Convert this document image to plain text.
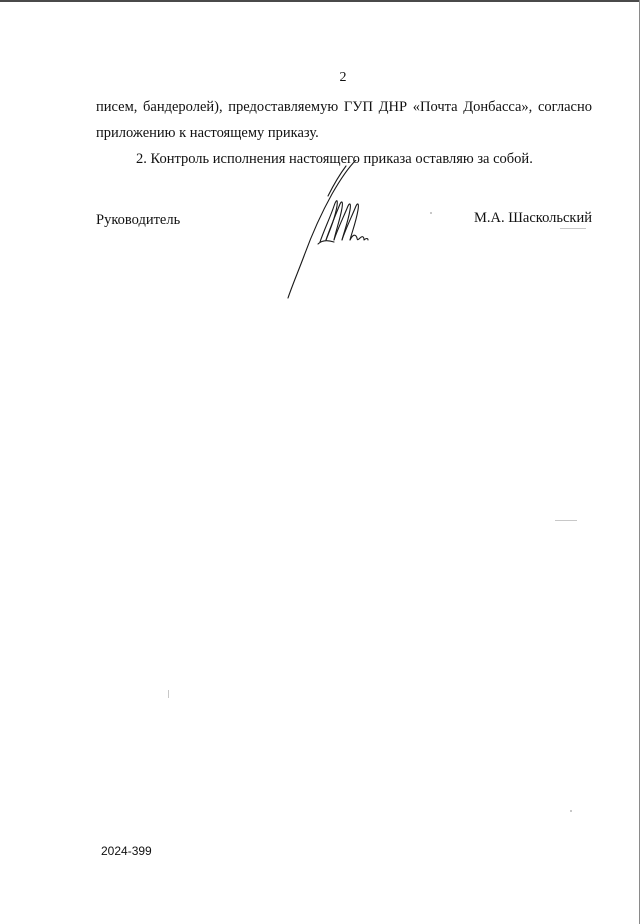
2
писем, бандеролей), предоставляемую ГУП ДНР «Почта Донбасса», согласно
приложению к настоящему приказу.
2. Контроль исполнения настоящего приказа оставляю за собой.
Руководитель	М.А. Шаскольский
2024-399
